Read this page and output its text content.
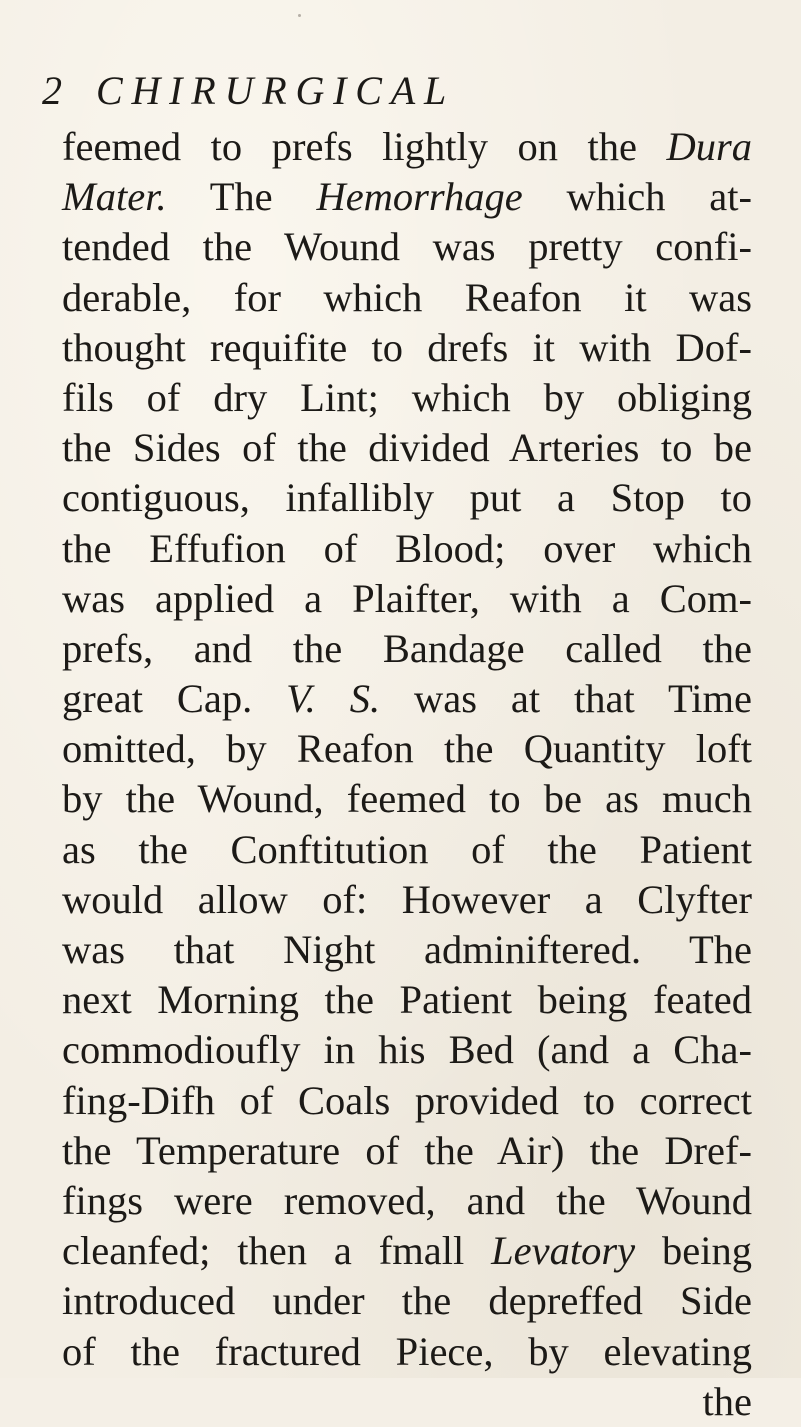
2 CHIRURGICAL
feemed to prefs lightly on the Dura
Mater. The Hemorrhage which at-
tended the Wound was pretty confi-
derable, for which Reafon it was
thought requifite to drefs it with Dof-
fils of dry Lint; which by obliging
the Sides of the divided Arteries to be
contiguous, infallibly put a Stop to
the Effufion of Blood; over which
was applied a Plaifter, with a Com-
prefs, and the Bandage called the
great Cap. V. S. was at that Time
omitted, by Reafon the Quantity loft
by the Wound, feemed to be as much
as the Conftitution of the Patient
would allow of: However a Clyfter
was that Night adminiftered. The
next Morning the Patient being feated
commodioufly in his Bed (and a Cha-
fing-Difh of Coals provided to correct
the Temperature of the Air) the Dref-
fings were removed, and the Wound
cleanfed; then a fmall Levatory being
introduced under the depreffed Side
of the fractured Piece, by elevating
the
